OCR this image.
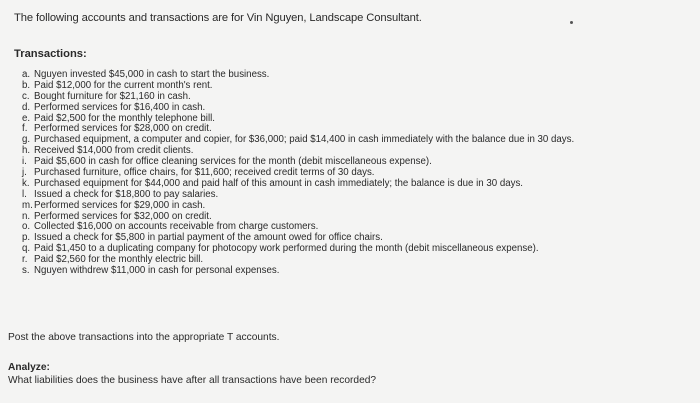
The following accounts and transactions are for Vin Nguyen, Landscape Consultant.
Transactions:
a. Nguyen invested $45,000 in cash to start the business.
b. Paid $12,000 for the current month's rent.
c. Bought furniture for $21,160 in cash.
d. Performed services for $16,400 in cash.
e. Paid $2,500 for the monthly telephone bill.
f. Performed services for $28,000 on credit.
g. Purchased equipment, a computer and copier, for $36,000; paid $14,400 in cash immediately with the balance due in 30 days.
h. Received $14,000 from credit clients.
i. Paid $5,600 in cash for office cleaning services for the month (debit miscellaneous expense).
j. Purchased furniture, office chairs, for $11,600; received credit terms of 30 days.
k. Purchased equipment for $44,000 and paid half of this amount in cash immediately; the balance is due in 30 days.
l. Issued a check for $18,800 to pay salaries.
m. Performed services for $29,000 in cash.
n. Performed services for $32,000 on credit.
o. Collected $16,000 on accounts receivable from charge customers.
p. Issued a check for $5,800 in partial payment of the amount owed for office chairs.
q. Paid $1,450 to a duplicating company for photocopy work performed during the month (debit miscellaneous expense).
r. Paid $2,560 for the monthly electric bill.
s. Nguyen withdrew $11,000 in cash for personal expenses.
Post the above transactions into the appropriate T accounts.
Analyze:
What liabilities does the business have after all transactions have been recorded?
